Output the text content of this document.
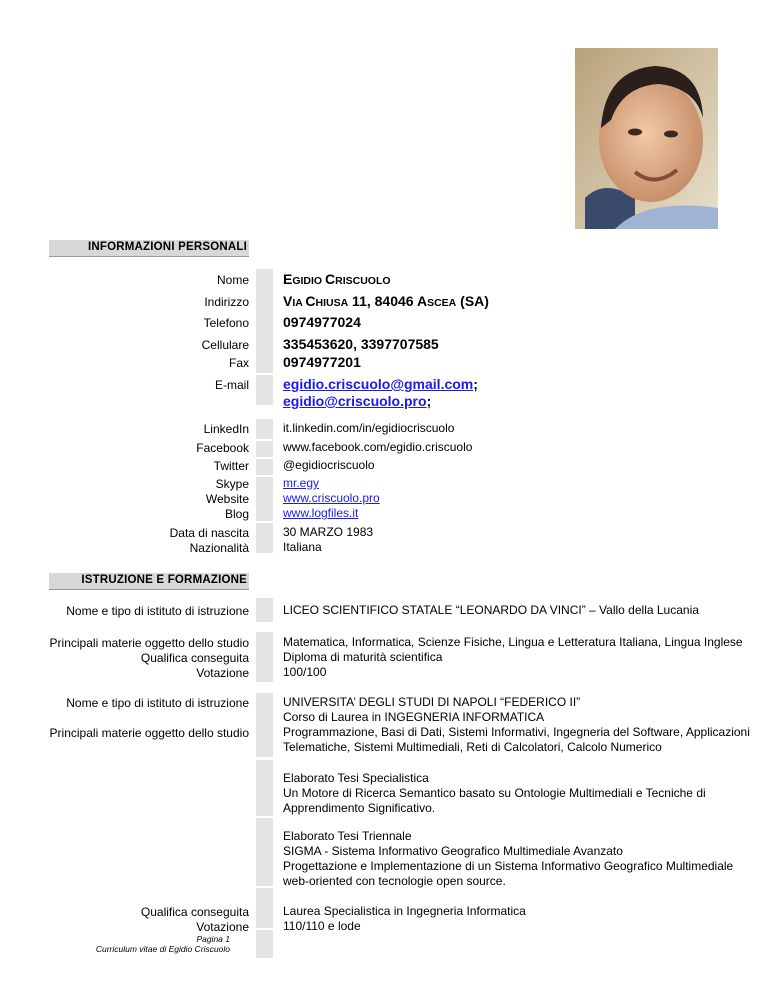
INFORMAZIONI PERSONALI
Nome
Indirizzo
Telefono
Cellulare
Fax
E-mail
LinkedIn
Facebook
Twitter
Skype
Website
Blog
Data di nascita
Nazionalità
EGIDIO CRISCUOLO
VIA CHIUSA 11, 84046 ASCEA (SA)
0974977024
335453620, 3397707585
0974977201
egidio.criscuolo@gmail.com;
egidio@criscuolo.pro;
it.linkedin.com/in/egidiocriscuolo
www.facebook.com/egidio.criscuolo
@egidiocriscuolo
mr.egy
www.criscuolo.pro
www.logfiles.it
30 MARZO 1983
Italiana
ISTRUZIONE E FORMAZIONE
Nome e tipo di istituto di istruzione	LICEO SCIENTIFICO STATALE “LEONARDO DA VINCI” – Vallo della Lucania
Principali materie oggetto dello studio
Qualifica conseguita
Votazione
Matematica, Informatica, Scienze Fisiche, Lingua e Letteratura Italiana, Lingua Inglese
Diploma di maturità scientifica
100/100
Nome e tipo di istituto di istruzione
Principali materie oggetto dello studio
UNIVERSITA’ DEGLI STUDI DI NAPOLI “FEDERICO II”
Corso di Laurea in INGEGNERIA INFORMATICA
Programmazione, Basi di Dati, Sistemi Informativi, Ingegneria del Software, Applicazioni
Telematiche, Sistemi Multimediali, Reti di Calcolatori, Calcolo Numerico
Elaborato Tesi Specialistica
Un Motore di Ricerca Semantico basato su Ontologie Multimediali e Tecniche di
Apprendimento Significativo.
Elaborato Tesi Triennale
SIGMA - Sistema Informativo Geografico Multimediale Avanzato
Progettazione e Implementazione di un Sistema Informativo Geografico Multimediale
web-oriented con tecnologie open source.
Qualifica conseguita
Votazione
Laurea Specialistica in Ingegneria Informatica
110/110 e lode
Pagina 1
Curriculum vitae di Egidio Criscuolo
